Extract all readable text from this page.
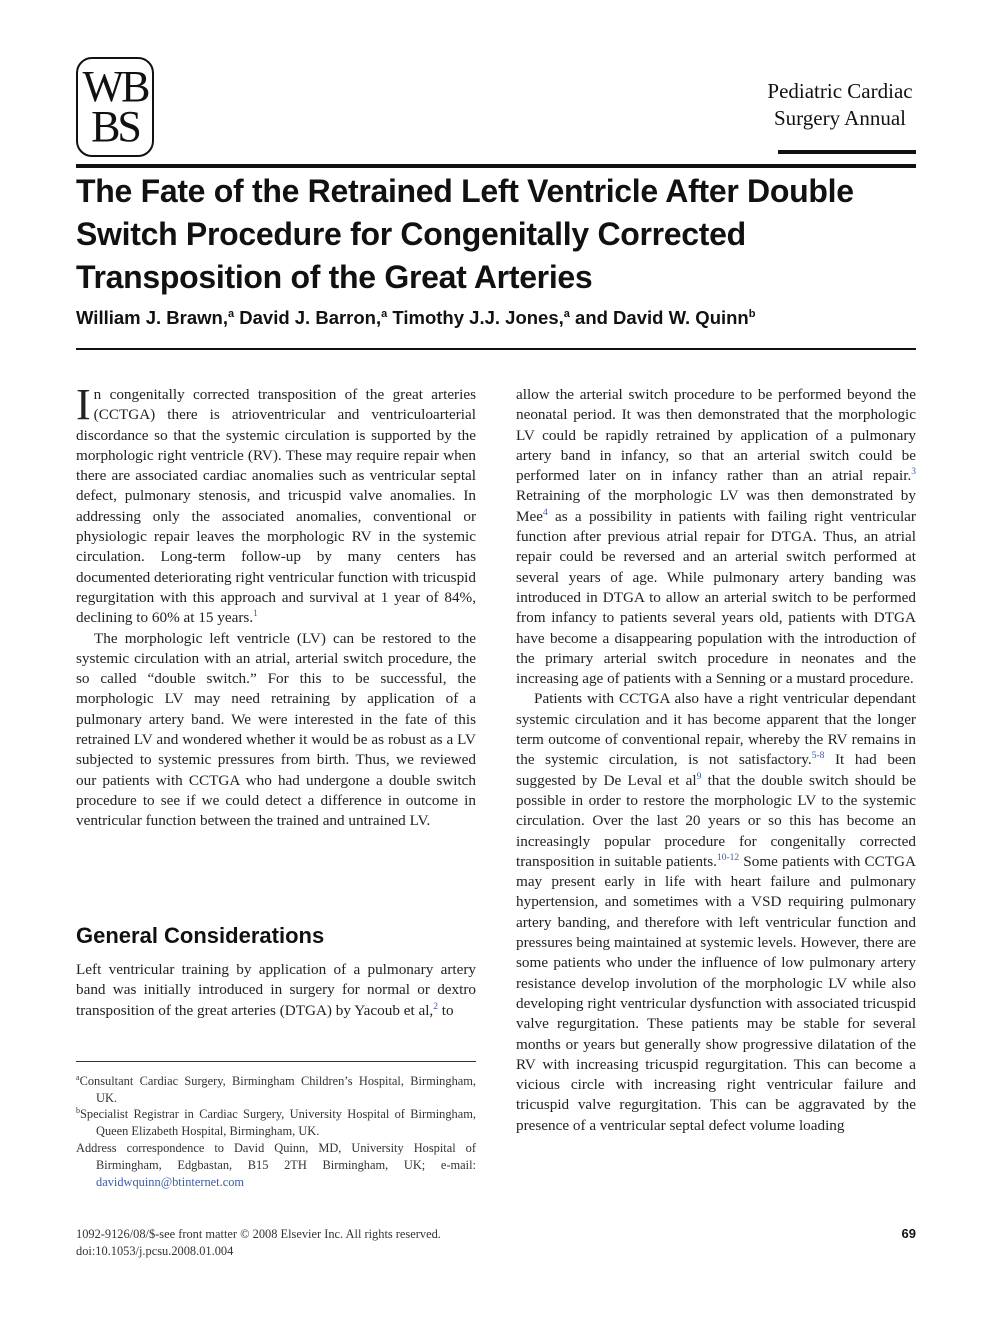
WB
BS
Pediatric Cardiac
Surgery Annual
The Fate of the Retrained Left Ventricle After Double Switch Procedure for Congenitally Corrected Transposition of the Great Arteries
William J. Brawn,$^a$ David J. Barron,$^a$ Timothy J.J. Jones,$^a$ and David W. Quinn$^b$

In congenitally corrected transposition of the great arteries (CCTGA) there is atrioventricular and ventriculoarterial discordance so that the systemic circulation is supported by the morphologic right ventricle (RV). These may require repair when there are associated cardiac anomalies such as ventricular septal defect, pulmonary stenosis, and tricuspid valve anomalies. In addressing only the associated anomalies, conventional or physiologic repair leaves the morphologic RV in the systemic circulation. Long-term follow-up by many centers has documented deteriorating right ventricular function with tricuspid regurgitation with this approach and survival at 1 year of 84%, declining to 60% at 15 years.$^1$

The morphologic left ventricle (LV) can be restored to the systemic circulation with an atrial, arterial switch procedure, the so called “double switch.” For this to be successful, the morphologic LV may need retraining by application of a pulmonary artery band. We were interested in the fate of this retrained LV and wondered whether it would be as robust as a LV subjected to systemic pressures from birth. Thus, we reviewed our patients with CCTGA who had undergone a double switch procedure to see if we could detect a difference in outcome in ventricular function between the trained and untrained LV.

General Considerations

Left ventricular training by application of a pulmonary artery band was initially introduced in surgery for normal or dextro transposition of the great arteries (DTGA) by Yacoub et al,$^2$ to

$^a$Consultant Cardiac Surgery, Birmingham Children’s Hospital, Birmingham, UK.
$^b$Specialist Registrar in Cardiac Surgery, University Hospital of Birmingham, Queen Elizabeth Hospital, Birmingham, UK.
Address correspondence to David Quinn, MD, University Hospital of Birmingham, Edgbastan, B15 2TH Birmingham, UK; e-mail: davidwquinn@btinternet.com

allow the arterial switch procedure to be performed beyond the neonatal period. It was then demonstrated that the morphologic LV could be rapidly retrained by application of a pulmonary artery band in infancy, so that an arterial switch could be performed later on in infancy rather than an atrial repair.$^3$ Retraining of the morphologic LV was then demonstrated by Mee$^4$ as a possibility in patients with failing right ventricular function after previous atrial repair for DTGA. Thus, an atrial repair could be reversed and an arterial switch performed at several years of age. While pulmonary artery banding was introduced in DTGA to allow an arterial switch to be performed from infancy to patients several years old, patients with DTGA have become a disappearing population with the introduction of the primary arterial switch procedure in neonates and the increasing age of patients with a Senning or a mustard procedure.

Patients with CCTGA also have a right ventricular dependant systemic circulation and it has become apparent that the longer term outcome of conventional repair, whereby the RV remains in the systemic circulation, is not satisfactory.$^{5-8}$ It had been suggested by De Leval et al$^9$ that the double switch should be possible in order to restore the morphologic LV to the systemic circulation. Over the last 20 years or so this has become an increasingly popular procedure for congenitally corrected transposition in suitable patients.$^{10-12}$ Some patients with CCTGA may present early in life with heart failure and pulmonary hypertension, and sometimes with a VSD requiring pulmonary artery banding, and therefore with left ventricular function and pressures being maintained at systemic levels. However, there are some patients who under the influence of low pulmonary artery resistance develop involution of the morphologic LV while also developing right ventricular dysfunction with associated tricuspid valve regurgitation. These patients may be stable for several months or years but generally show progressive dilatation of the RV with increasing tricuspid regurgitation. This can become a vicious circle with increasing right ventricular failure and tricuspid valve regurgitation. This can be aggravated by the presence of a ventricular septal defect volume loading

1092-9126/08/$-see front matter © 2008 Elsevier Inc. All rights reserved.
doi:10.1053/j.pcsu.2008.01.004
69
